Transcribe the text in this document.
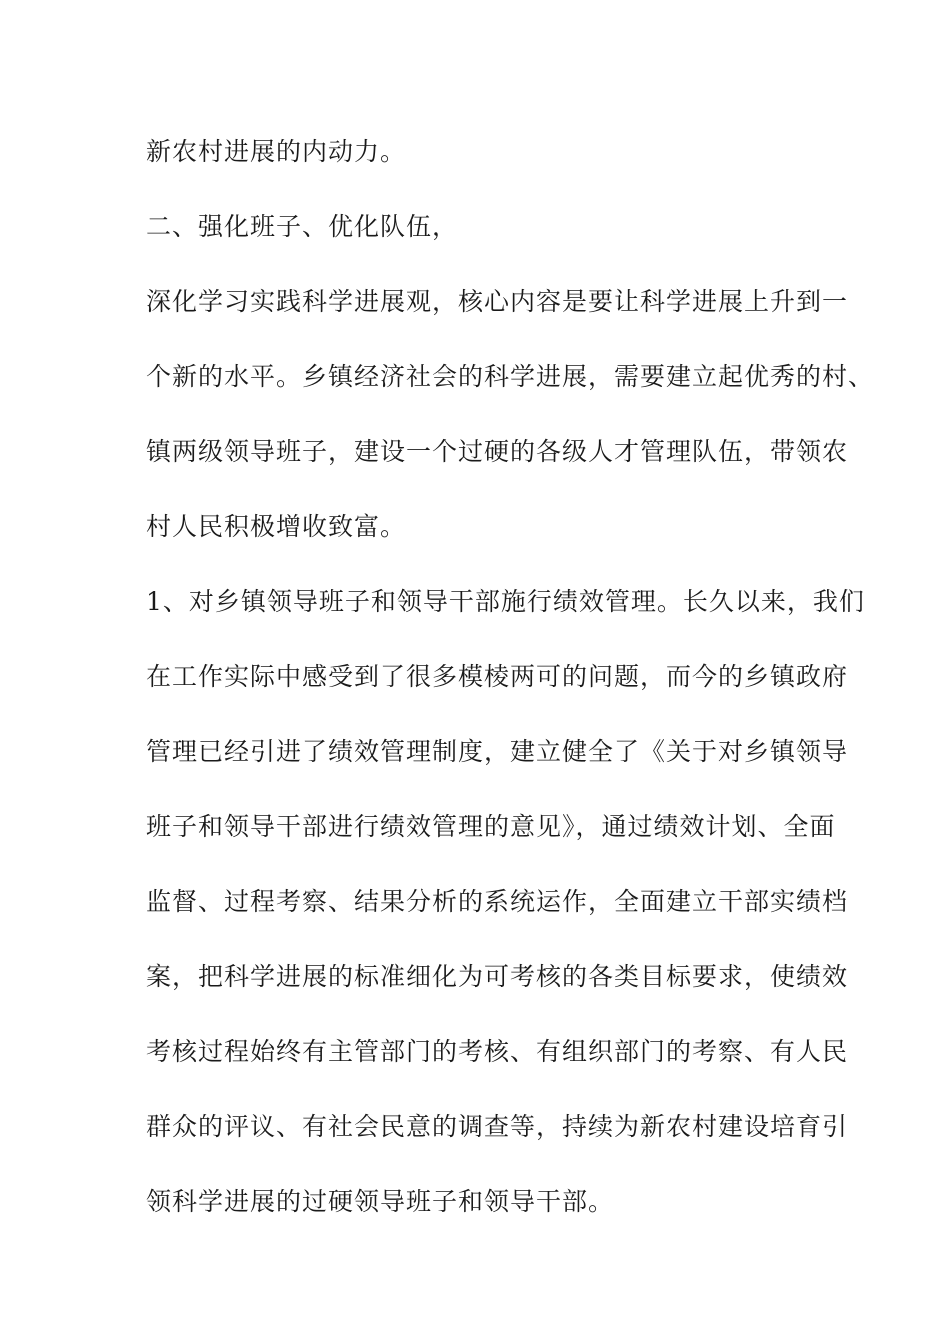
新农村进展的内动力。

二、强化班子、优化队伍，

深化学习实践科学进展观，核心内容是要让科学进展上升到一

个新的水平。乡镇经济社会的科学进展，需要建立起优秀的村、

镇两级领导班子，建设一个过硬的各级人才管理队伍，带领农

村人民积极增收致富。

1、对乡镇领导班子和领导干部施行绩效管理。长久以来，我们

在工作实际中感受到了很多模棱两可的问题，而今的乡镇政府

管理已经引进了绩效管理制度，建立健全了《关于对乡镇领导

班子和领导干部进行绩效管理的意见》，通过绩效计划、全面

监督、过程考察、结果分析的系统运作，全面建立干部实绩档

案，把科学进展的标准细化为可考核的各类目标要求，使绩效

考核过程始终有主管部门的考核、有组织部门的考察、有人民

群众的评议、有社会民意的调查等，持续为新农村建设培育引

领科学进展的过硬领导班子和领导干部。
